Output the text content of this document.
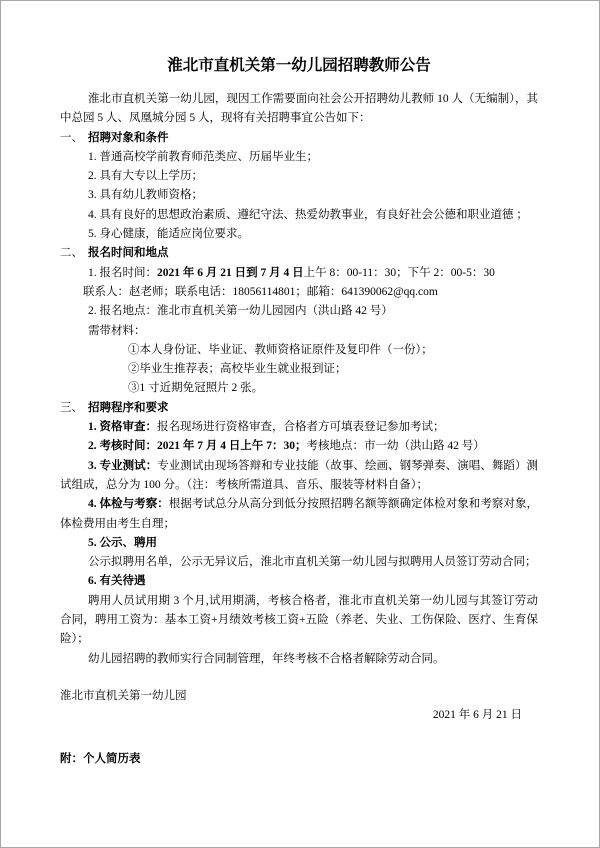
淮北市直机关第一幼儿园招聘教师公告

淮北市直机关第一幼儿园，现因工作需要面向社会公开招聘幼儿教师 10 人（无编制），其中总园 5 人、凤凰城分园 5 人，现将有关招聘事宜公告如下：

一、 招聘对象和条件

1. 普通高校学前教育师范类应、历届毕业生；

2. 具有大专以上学历；

3. 具有幼儿教师资格；

4. 具有良好的思想政治素质、遵纪守法、热爱幼教事业，有良好社会公德和职业道德 ；

5. 身心健康，能适应岗位要求。

二、 报名时间和地点

1. 报名时间：2021 年 6 月 21 日到 7 月 4 日上午 8：00-11：30；下午 2：00-5：30

联系人：赵老师；联系电话：18056114801；邮箱：641390062@qq.com

2. 报名地点：淮北市直机关第一幼儿园园内（洪山路 42 号）

需带材料：

①本人身份证、毕业证、教师资格证原件及复印件（一份）；

②毕业生推荐表；高校毕业生就业报到证；

③1 寸近期免冠照片 2 张。

三、 招聘程序和要求

1. 资格审查：报名现场进行资格审查，合格者方可填表登记参加考试；

2. 考核时间：2021 年 7 月 4 日上午 7：30；考核地点：市一幼（洪山路 42 号）

3. 专业测试：专业测试由现场答辩和专业技能（故事、绘画、钢琴弹奏、演唱、舞蹈）测试组成，总分为 100 分。（注：考核所需道具、音乐、服装等材料自备）；

4. 体检与考察：根据考试总分从高分到低分按照招聘名额等额确定体检对象和考察对象，体检费用由考生自理；

5. 公示、聘用

公示拟聘用名单，公示无异议后，淮北市直机关第一幼儿园与拟聘用人员签订劳动合同；

6. 有关待遇

聘用人员试用期 3 个月,试用期满，考核合格者，淮北市直机关第一幼儿园与其签订劳动合同，聘用工资为：基本工资+月绩效考核工资+五险（养老、失业、工伤保险、医疗、生育保险）；

幼儿园招聘的教师实行合同制管理，年终考核不合格者解除劳动合同。

淮北市直机关第一幼儿园

2021 年 6 月 21 日

附：个人简历表
